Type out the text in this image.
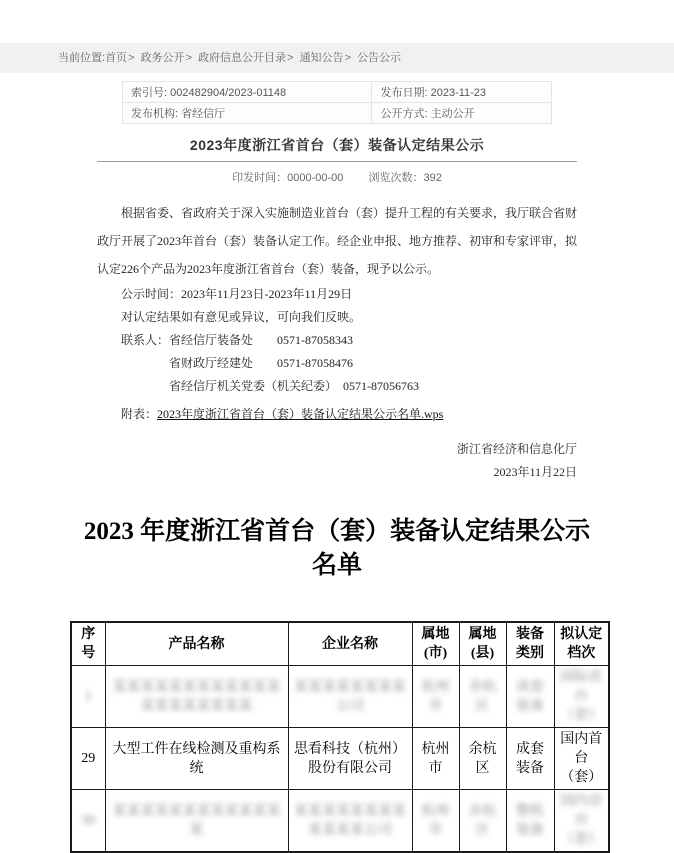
当前位置:首页> 政务公开> 政府信息公开目录> 通知公告> 公告公示
索引号: 002482904/2023-01148	发布日期: 2023-11-23
发布机构: 省经信厅	公开方式: 主动公开
2023年度浙江省首台（套）装备认定结果公示
印发时间：0000-00-00 浏览次数：392

根据省委、省政府关于深入实施制造业首台（套）提升工程的有关要求，我厅联合省财政厅开展了2023年首台（套）装备认定工作。经企业申报、地方推荐、初审和专家评审，拟认定226个产品为2023年度浙江省首台（套）装备，现予以公示。

公示时间：2023年11月23日-2023年11月29日
对认定结果如有意见或异议，可向我们反映。
联系人：省经信厅装备处　　0571-87058343
省财政厅经建处　　0571-87058476
省经信厅机关党委（机关纪委）　0571-87056763
附表：2023年度浙江省首台（套）装备认定结果公示名单.wps
浙江省经济和信息化厅
2023年11月22日
2023 年度浙江省首台（套）装备认定结果公示
名单
序号	产品名称	企业名称	属地(市)	属地(县)	装备类别	拟认定档次
1	某某某某某某某某某某某某某某某某某某某某	某某某某某某某某公司	杭州市	余杭区	成套装备	国际首台（套）
29	大型工件在线检测及重构系统	思看科技（杭州）股份有限公司	杭州市	余杭区	成套装备	国内首台（套）
30	某某某某某某某某某某某某某	某某某某某某某某某某某某公司	杭州市	余杭区	整机装备	国内首台（套）
